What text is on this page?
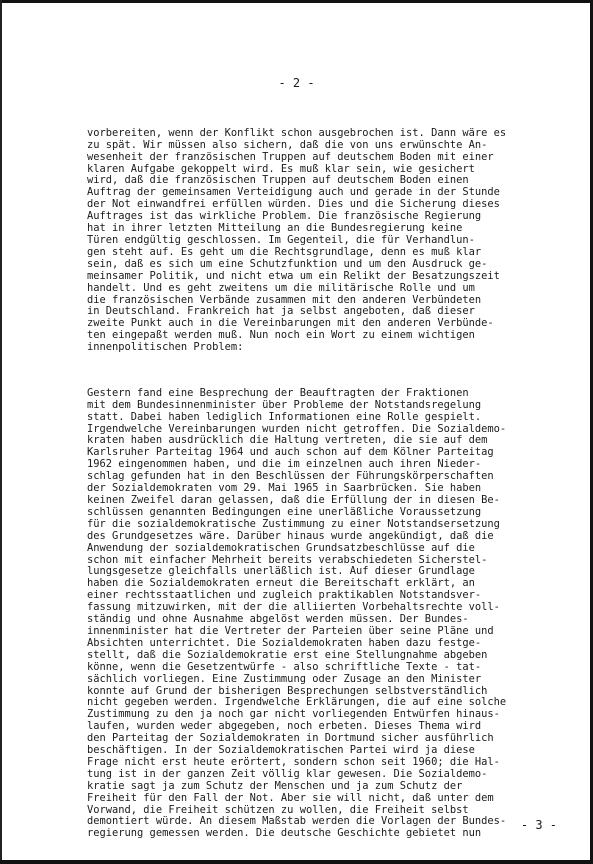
- 2 -

vorbereiten, wenn der Konflikt schon ausgebrochen ist. Dann wäre es
zu spät. Wir müssen also sichern, daß die von uns erwünschte An-
wesenheit der französischen Truppen auf deutschem Boden mit einer
klaren Aufgabe gekoppelt wird. Es muß klar sein, wie gesichert
wird, daß die französischen Truppen auf deutschem Boden einen
Auftrag der gemeinsamen Verteidigung auch und gerade in der Stunde
der Not einwandfrei erfüllen würden. Dies und die Sicherung dieses
Auftrages ist das wirkliche Problem. Die französische Regierung
hat in ihrer letzten Mitteilung an die Bundesregierung keine
Türen endgültig geschlossen. Im Gegenteil, die für Verhandlun-
gen steht auf. Es geht um die Rechtsgrundlage, denn es muß klar
sein, daß es sich um eine Schutzfunktion und um den Ausdruck ge-
meinsamer Politik, und nicht etwa um ein Relikt der Besatzungszeit
handelt. Und es geht zweitens um die militärische Rolle und um
die französischen Verbände zusammen mit den anderen Verbündeten
in Deutschland. Frankreich hat ja selbst angeboten, daß dieser
zweite Punkt auch in die Vereinbarungen mit den anderen Verbünde-
ten eingepaßt werden muß. Nun noch ein Wort zu einem wichtigen
innenpolitischen Problem:

Gestern fand eine Besprechung der Beauftragten der Fraktionen
mit dem Bundesinnenminister über Probleme der Notstandsregelung
statt. Dabei haben lediglich Informationen eine Rolle gespielt.
Irgendwelche Vereinbarungen wurden nicht getroffen. Die Sozialdemo-
kraten haben ausdrücklich die Haltung vertreten, die sie auf dem
Karlsruher Parteitag 1964 und auch schon auf dem Kölner Parteitag
1962 eingenommen haben, und die im einzelnen auch ihren Nieder-
schlag gefunden hat in den Beschlüssen der Führungskörperschaften
der Sozialdemokraten vom 29. Mai 1965 in Saarbrücken. Sie haben
keinen Zweifel daran gelassen, daß die Erfüllung der in diesen Be-
schlüssen genannten Bedingungen eine unerläßliche Voraussetzung
für die sozialdemokratische Zustimmung zu einer Notstandsersetzung
des Grundgesetzes wäre. Darüber hinaus wurde angekündigt, daß die
Anwendung der sozialdemokratischen Grundsatzbeschlüsse auf die
schon mit einfacher Mehrheit bereits verabschiedeten Sicherstel-
lungsgesetze gleichfalls unerläßlich ist. Auf dieser Grundlage
haben die Sozialdemokraten erneut die Bereitschaft erklärt, an
einer rechtsstaatlichen und zugleich praktikablen Notstandsver-
fassung mitzuwirken, mit der die alliierten Vorbehaltsrechte voll-
ständig und ohne Ausnahme abgelöst werden müssen. Der Bundes-
innenminister hat die Vertreter der Parteien über seine Pläne und
Absichten unterrichtet. Die Sozialdemokraten haben dazu festge-
stellt, daß die Sozialdemokratie erst eine Stellungnahme abgeben
könne, wenn die Gesetzentwürfe - also schriftliche Texte - tat-
sächlich vorliegen. Eine Zustimmung oder Zusage an den Minister
konnte auf Grund der bisherigen Besprechungen selbstverständlich
nicht gegeben werden. Irgendwelche Erklärungen, die auf eine solche
Zustimmung zu den ja noch gar nicht vorliegenden Entwürfen hinaus-
laufen, wurden weder abgegeben, noch erbeten. Dieses Thema wird
den Parteitag der Sozialdemokraten in Dortmund sicher ausführlich
beschäftigen. In der Sozialdemokratischen Partei wird ja diese
Frage nicht erst heute erörtert, sondern schon seit 1960; die Hal-
tung ist in der ganzen Zeit völlig klar gewesen. Die Sozialdemo-
kratie sagt ja zum Schutz der Menschen und ja zum Schutz der
Freiheit für den Fall der Not. Aber sie will nicht, daß unter dem
Vorwand, die Freiheit schützen zu wollen, die Freiheit selbst
demontiert würde. An diesem Maßstab werden die Vorlagen der Bundes-
regierung gemessen werden. Die deutsche Geschichte gebietet nun

- 3 -
